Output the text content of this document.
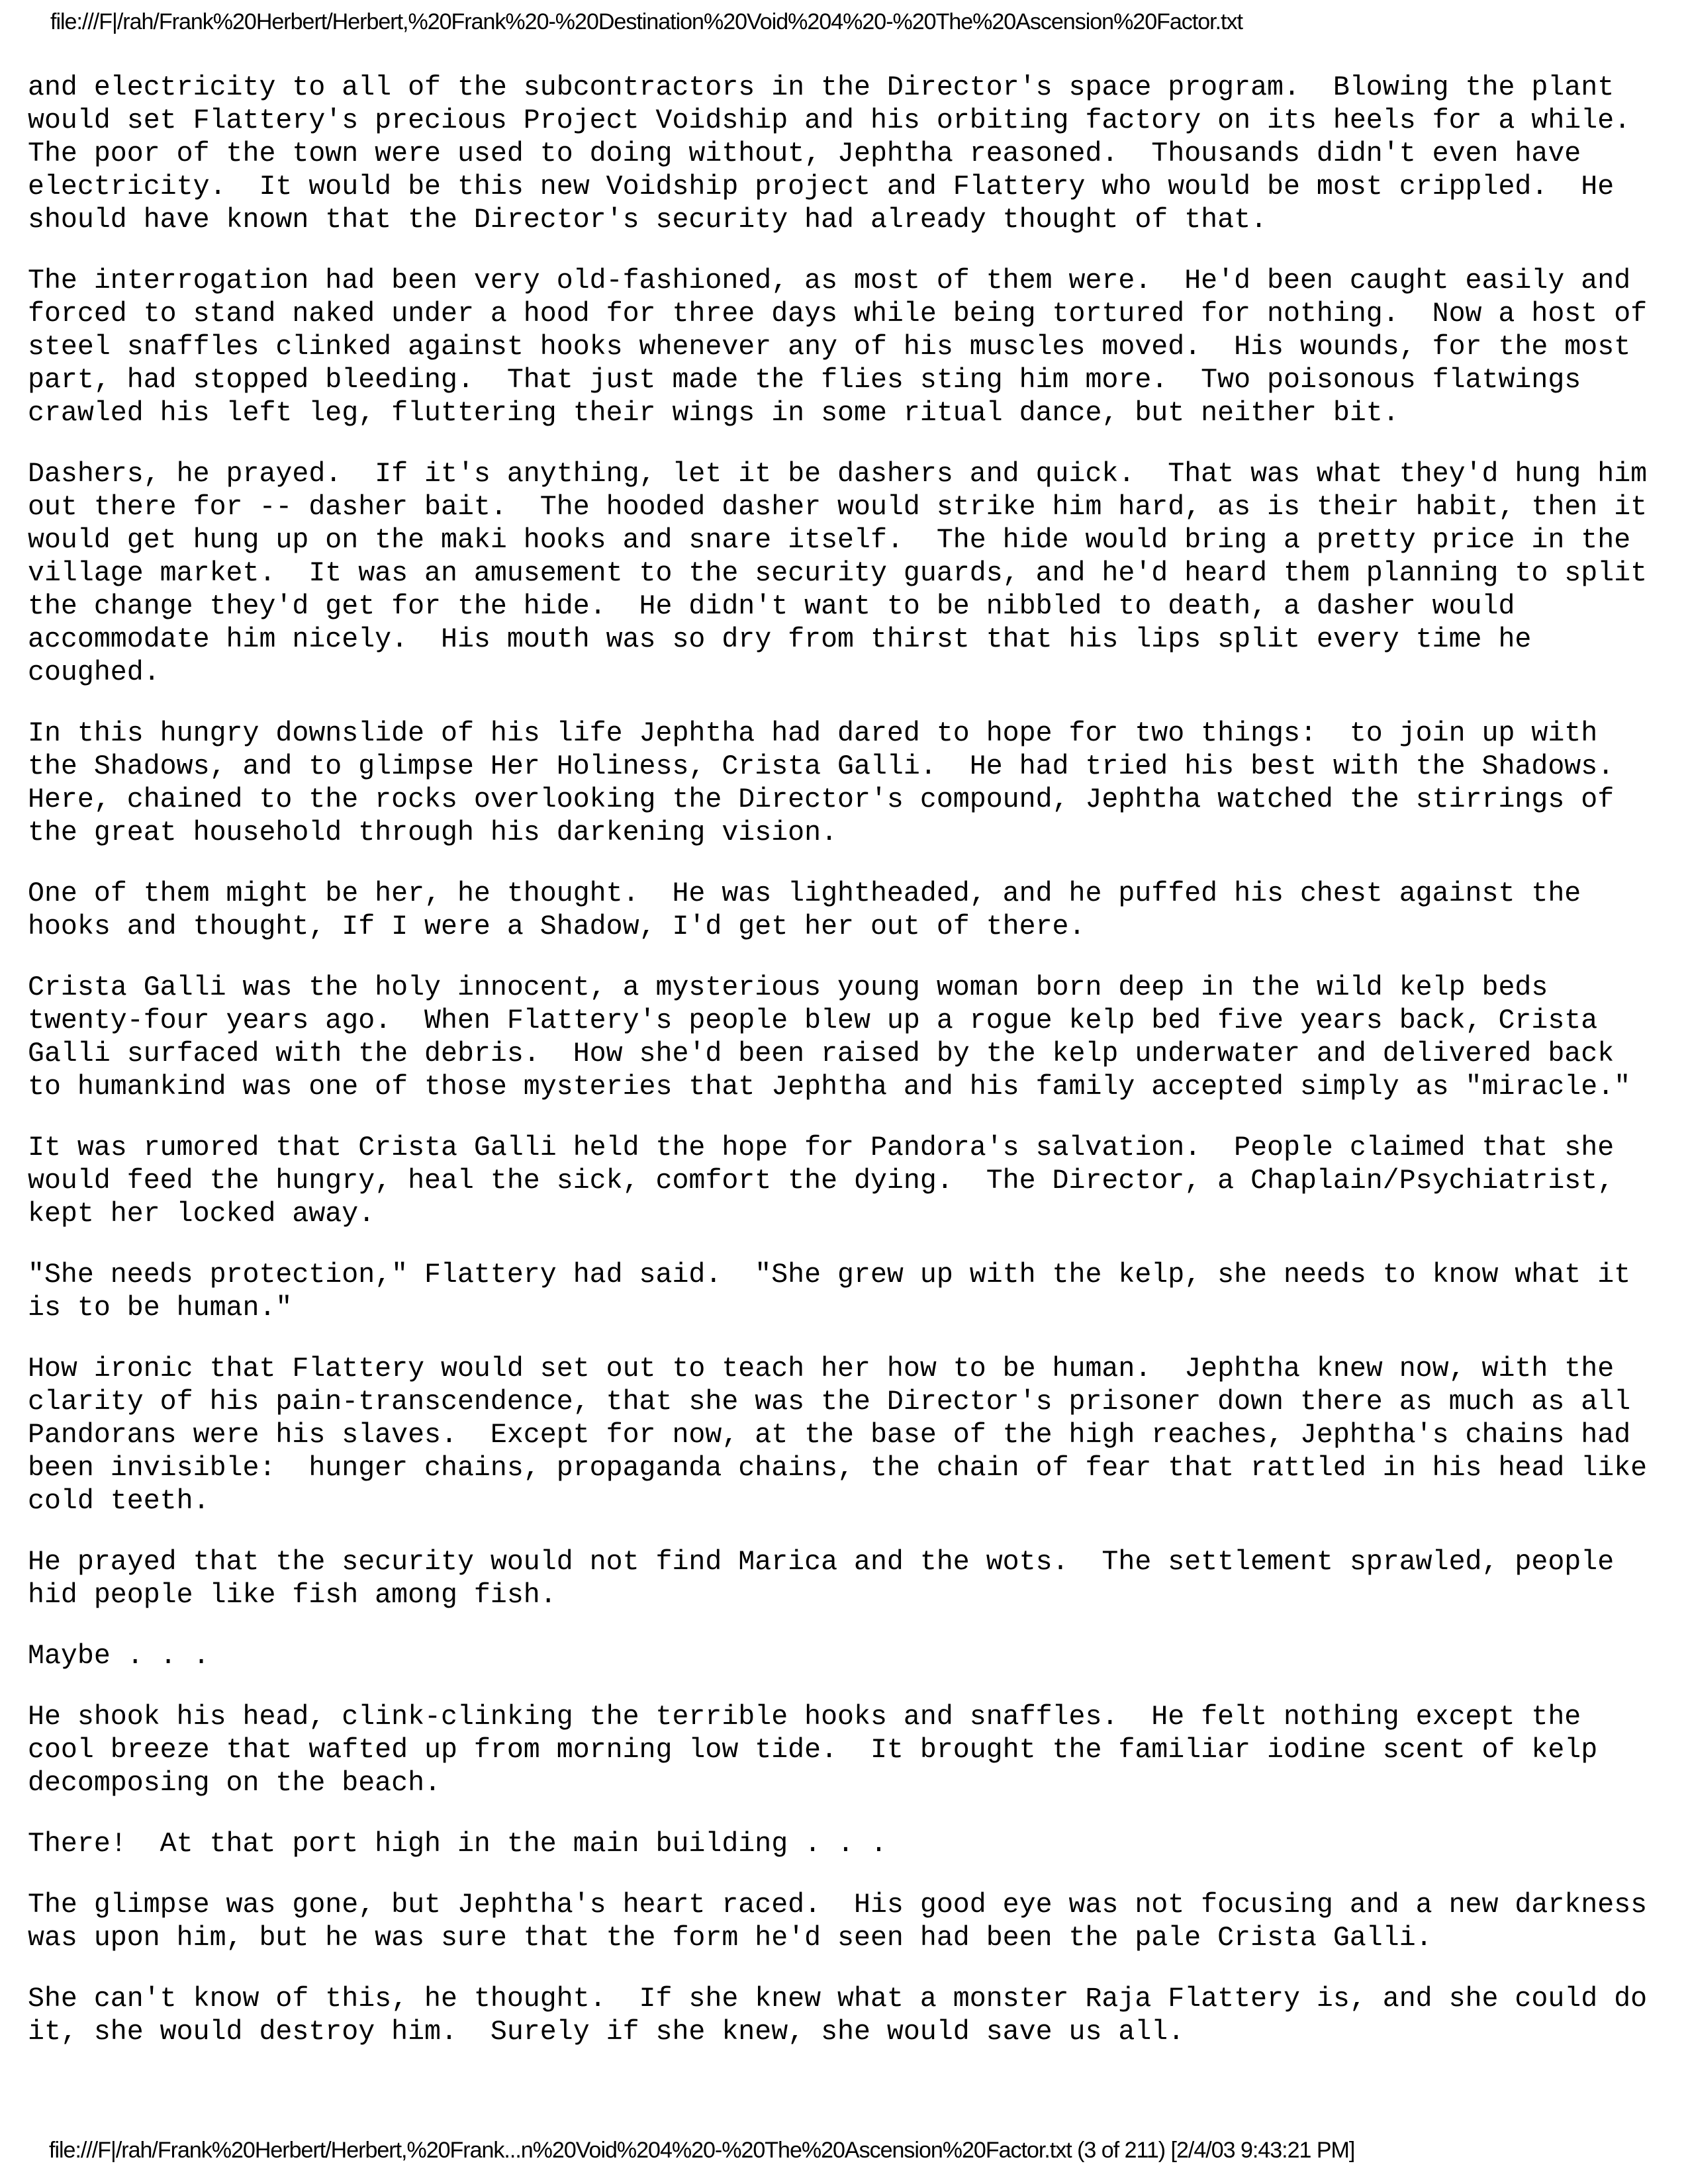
file:///F|/rah/Frank%20Herbert/Herbert,%20Frank%20-%20Destination%20Void%204%20-%20The%20Ascension%20Factor.txt

and electricity to all of the subcontractors in the Director's space program.  Blowing the plant
would set Flattery's precious Project Voidship and his orbiting factory on its heels for a while.
The poor of the town were used to doing without, Jephtha reasoned.  Thousands didn't even have
electricity.  It would be this new Voidship project and Flattery who would be most crippled.  He
should have known that the Director's security had already thought of that.

The interrogation had been very old-fashioned, as most of them were.  He'd been caught easily and
forced to stand naked under a hood for three days while being tortured for nothing.  Now a host of
steel snaffles clinked against hooks whenever any of his muscles moved.  His wounds, for the most
part, had stopped bleeding.  That just made the flies sting him more.  Two poisonous flatwings
crawled his left leg, fluttering their wings in some ritual dance, but neither bit.

Dashers, he prayed.  If it's anything, let it be dashers and quick.  That was what they'd hung him
out there for -- dasher bait.  The hooded dasher would strike him hard, as is their habit, then it
would get hung up on the maki hooks and snare itself.  The hide would bring a pretty price in the
village market.  It was an amusement to the security guards, and he'd heard them planning to split
the change they'd get for the hide.  He didn't want to be nibbled to death, a dasher would
accommodate him nicely.  His mouth was so dry from thirst that his lips split every time he
coughed.

In this hungry downslide of his life Jephtha had dared to hope for two things:  to join up with
the Shadows, and to glimpse Her Holiness, Crista Galli.  He had tried his best with the Shadows.
Here, chained to the rocks overlooking the Director's compound, Jephtha watched the stirrings of
the great household through his darkening vision.

One of them might be her, he thought.  He was lightheaded, and he puffed his chest against the
hooks and thought, If I were a Shadow, I'd get her out of there.

Crista Galli was the holy innocent, a mysterious young woman born deep in the wild kelp beds
twenty-four years ago.  When Flattery's people blew up a rogue kelp bed five years back, Crista
Galli surfaced with the debris.  How she'd been raised by the kelp underwater and delivered back
to humankind was one of those mysteries that Jephtha and his family accepted simply as "miracle."

It was rumored that Crista Galli held the hope for Pandora's salvation.  People claimed that she
would feed the hungry, heal the sick, comfort the dying.  The Director, a Chaplain/Psychiatrist,
kept her locked away.

"She needs protection," Flattery had said.  "She grew up with the kelp, she needs to know what it
is to be human."

How ironic that Flattery would set out to teach her how to be human.  Jephtha knew now, with the
clarity of his pain-transcendence, that she was the Director's prisoner down there as much as all
Pandorans were his slaves.  Except for now, at the base of the high reaches, Jephtha's chains had
been invisible:  hunger chains, propaganda chains, the chain of fear that rattled in his head like
cold teeth.

He prayed that the security would not find Marica and the wots.  The settlement sprawled, people
hid people like fish among fish.

Maybe . . .

He shook his head, clink-clinking the terrible hooks and snaffles.  He felt nothing except the
cool breeze that wafted up from morning low tide.  It brought the familiar iodine scent of kelp
decomposing on the beach.

There!  At that port high in the main building . . .

The glimpse was gone, but Jephtha's heart raced.  His good eye was not focusing and a new darkness
was upon him, but he was sure that the form he'd seen had been the pale Crista Galli.

She can't know of this, he thought.  If she knew what a monster Raja Flattery is, and she could do
it, she would destroy him.  Surely if she knew, she would save us all.

file:///F|/rah/Frank%20Herbert/Herbert,%20Frank...n%20Void%204%20-%20The%20Ascension%20Factor.txt (3 of 211) [2/4/03 9:43:21 PM]
